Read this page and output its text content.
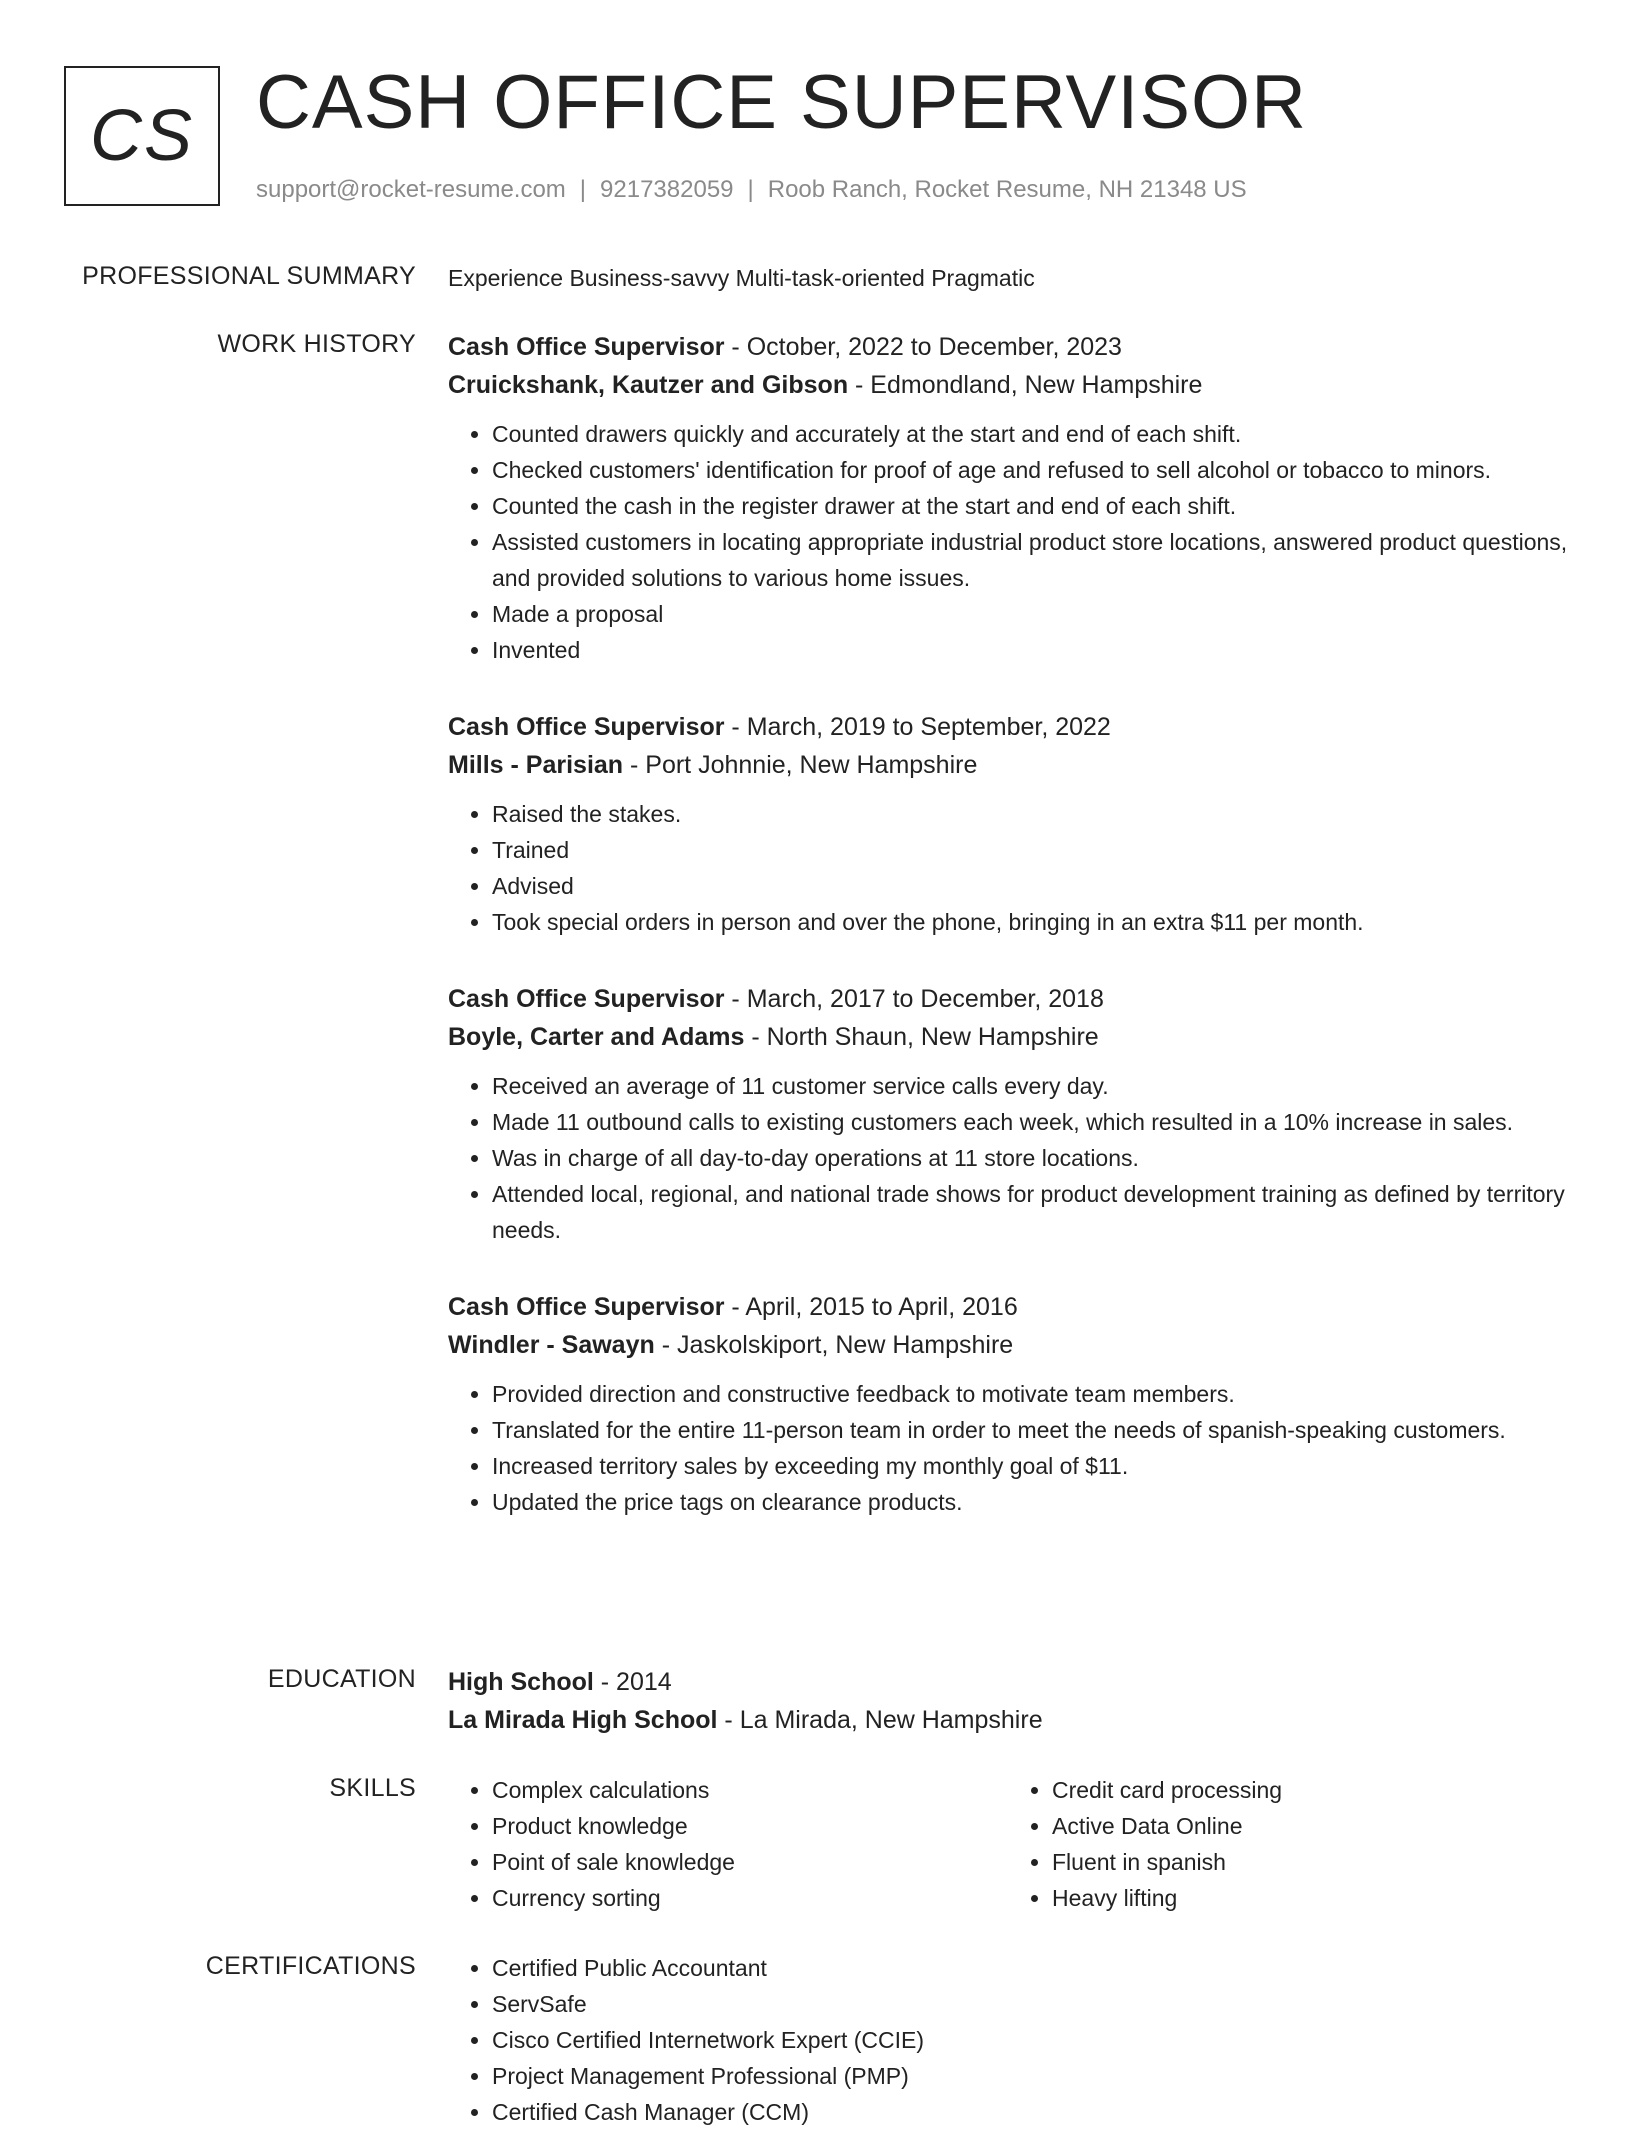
CS CASH OFFICE SUPERVISOR
support@rocket-resume.com | 9217382059 | Roob Ranch, Rocket Resume, NH 21348 US
PROFESSIONAL SUMMARY Experience Business-savvy Multi-task-oriented Pragmatic
WORK HISTORY Cash Office Supervisor - October, 2022 to December, 2023
Cruickshank, Kautzer and Gibson - Edmondland, New Hampshire
• Counted drawers quickly and accurately at the start and end of each shift.
• Checked customers' identification for proof of age and refused to sell alcohol or tobacco to minors.
• Counted the cash in the register drawer at the start and end of each shift.
• Assisted customers in locating appropriate industrial product store locations, answered product questions, and provided solutions to various home issues.
• Made a proposal
• Invented
Cash Office Supervisor - March, 2019 to September, 2022
Mills - Parisian - Port Johnnie, New Hampshire
• Raised the stakes.
• Trained
• Advised
• Took special orders in person and over the phone, bringing in an extra $11 per month.
Cash Office Supervisor - March, 2017 to December, 2018
Boyle, Carter and Adams - North Shaun, New Hampshire
• Received an average of 11 customer service calls every day.
• Made 11 outbound calls to existing customers each week, which resulted in a 10% increase in sales.
• Was in charge of all day-to-day operations at 11 store locations.
• Attended local, regional, and national trade shows for product development training as defined by territory needs.
Cash Office Supervisor - April, 2015 to April, 2016
Windler - Sawayn - Jaskolskiport, New Hampshire
• Provided direction and constructive feedback to motivate team members.
• Translated for the entire 11-person team in order to meet the needs of spanish-speaking customers.
• Increased territory sales by exceeding my monthly goal of $11.
• Updated the price tags on clearance products.
EDUCATION High School - 2014
La Mirada High School - La Mirada, New Hampshire
SKILLS	• Complex calculations
• Product knowledge
• Point of sale knowledge
• Currency sorting
• Credit card processing
• Active Data Online
• Fluent in spanish
• Heavy lifting
CERTIFICATIONS	• Certified Public Accountant
• ServSafe
• Cisco Certified Internetwork Expert (CCIE)
• Project Management Professional (PMP)
• Certified Cash Manager (CCM)
